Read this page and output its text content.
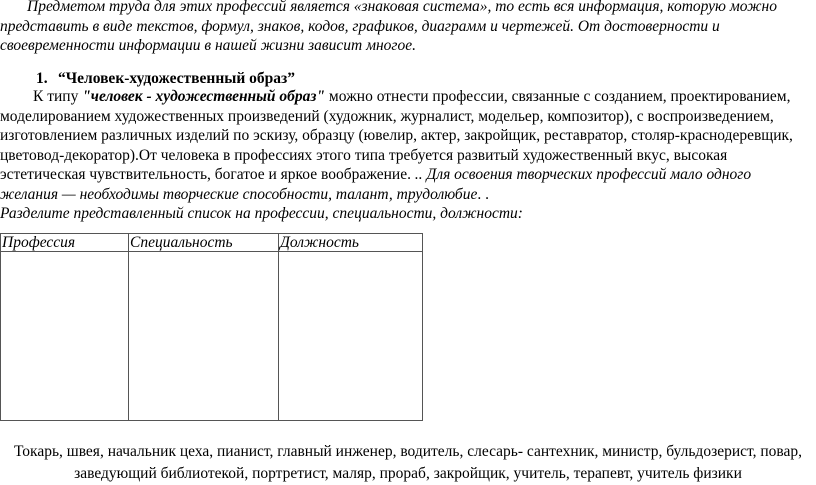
Предметом труда для этих профессий является «знаковая система», то есть вся информация, которую можно представить в виде текстов, формул, знаков, кодов, графиков, диаграмм и чертежей. От достоверности и своевременности информации в нашей жизни зависит многое.

1. “Человек-художественный образ”

К типу "человек - художественный образ" можно отнести профессии, связанные с созданием, проектированием, моделированием художественных произведений (художник, журналист, модельер, композитор), с воспроизведением, изготовлением различных изделий по эскизу, образцу (ювелир, актер, закройщик, реставратор, столяр-краснодеревщик, цветовод-декоратор).От человека в профессиях этого типа требуется развитый художественный вкус, высокая эстетическая чувствительность, богатое и яркое воображение. .. Для освоения творческих профессий мало одного желания — необходимы творческие способности, талант, трудолюбие. .

Разделите представленный список на профессии, специальности, должности:

Профессия	Специальность	Должность

Токарь, швея, начальник цеха, пианист, главный инженер, водитель, слесарь- сантехник, министр, бульдозерист, повар,
заведующий библиотекой, портретист, маляр, прораб, закройщик, учитель, терапевт, учитель физики
